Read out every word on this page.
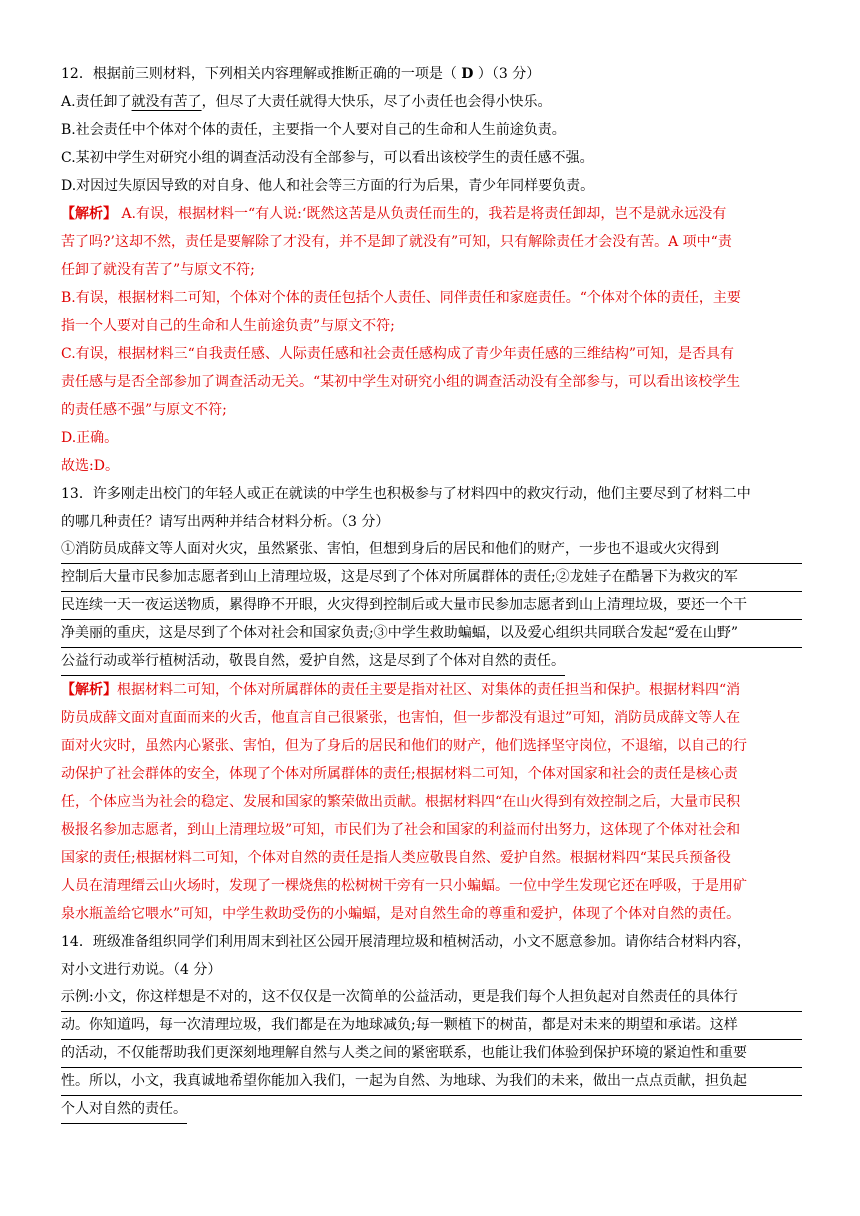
12．根据前三则材料，下列相关内容理解或推断正确的一项是（ D ）（3 分）
A.责任卸了就没有苦了，但尽了大责任就得大快乐，尽了小责任也会得小快乐。
B.社会责任中个体对个体的责任，主要指一个人要对自己的生命和人生前途负责。
C.某初中学生对研究小组的调查活动没有全部参与，可以看出该校学生的责任感不强。
D.对因过失原因导致的对自身、他人和社会等三方面的行为后果，青少年同样要负责。
【解析】 A.有误，根据材料一“有人说:‘既然这苦是从负责任而生的，我若是将责任卸却，岂不是就永远没有
苦了吗?’这却不然，责任是要解除了才没有，并不是卸了就没有”可知，只有解除责任才会没有苦。A 项中“责
任卸了就没有苦了”与原文不符;
B.有误，根据材料二可知，个体对个体的责任包括个人责任、同伴责任和家庭责任。“个体对个体的责任，主要
指一个人要对自己的生命和人生前途负责”与原文不符;
C.有误，根据材料三“自我责任感、人际责任感和社会责任感构成了青少年责任感的三维结构”可知，是否具有
责任感与是否全部参加了调查活动无关。“某初中学生对研究小组的调查活动没有全部参与，可以看出该校学生
的责任感不强”与原文不符;
D.正确。
故选:D。
13．许多刚走出校门的年轻人或正在就读的中学生也积极参与了材料四中的救灾行动，他们主要尽到了材料二中
的哪几种责任？请写出两种并结合材料分析。（3 分）
①消防员成薛文等人面对火灾，虽然紧张、害怕，但想到身后的居民和他们的财产，一步也不退或火灾得到
控制后大量市民参加志愿者到山上清理垃圾，这是尽到了个体对所属群体的责任;②龙娃子在酷暑下为救灾的军
民连续一天一夜运送物质，累得睁不开眼，火灾得到控制后或大量市民参加志愿者到山上清理垃圾，要还一个干
净美丽的重庆，这是尽到了个体对社会和国家负责;③中学生救助蝙蝠，以及爱心组织共同联合发起“爱在山野”
公益行动或举行植树活动，敬畏自然，爱护自然，这是尽到了个体对自然的责任。
【解析】根据材料二可知，个体对所属群体的责任主要是指对社区、对集体的责任担当和保护。根据材料四“消
防员成薛文面对直面而来的火舌，他直言自己很紧张，也害怕，但一步都没有退过”可知，消防员成薛文等人在
面对火灾时，虽然内心紧张、害怕，但为了身后的居民和他们的财产，他们选择坚守岗位，不退缩，以自己的行
动保护了社会群体的安全，体现了个体对所属群体的责任;根据材料二可知，个体对国家和社会的责任是核心责
任，个体应当为社会的稳定、发展和国家的繁荣做出贡献。根据材料四“在山火得到有效控制之后，大量市民积
极报名参加志愿者，到山上清理垃圾”可知，市民们为了社会和国家的利益而付出努力，这体现了个体对社会和
国家的责任;根据材料二可知，个体对自然的责任是指人类应敬畏自然、爱护自然。根据材料四“某民兵预备役
人员在清理缙云山火场时，发现了一棵烧焦的松树树干旁有一只小蝙蝠。一位中学生发现它还在呼吸，于是用矿
泉水瓶盖给它喂水”可知，中学生救助受伤的小蝙蝠，是对自然生命的尊重和爱护，体现了个体对自然的责任。
14．班级准备组织同学们利用周末到社区公园开展清理垃圾和植树活动，小文不愿意参加。请你结合材料内容，
对小文进行劝说。（4 分）
示例:小文，你这样想是不对的，这不仅仅是一次简单的公益活动，更是我们每个人担负起对自然责任的具体行
动。你知道吗，每一次清理垃圾，我们都是在为地球减负;每一颗植下的树苗，都是对未来的期望和承诺。这样
的活动，不仅能帮助我们更深刻地理解自然与人类之间的紧密联系，也能让我们体验到保护环境的紧迫性和重要
性。所以，小文，我真诚地希望你能加入我们，一起为自然、为地球、为我们的未来，做出一点点贡献，担负起
个人对自然的责任。
